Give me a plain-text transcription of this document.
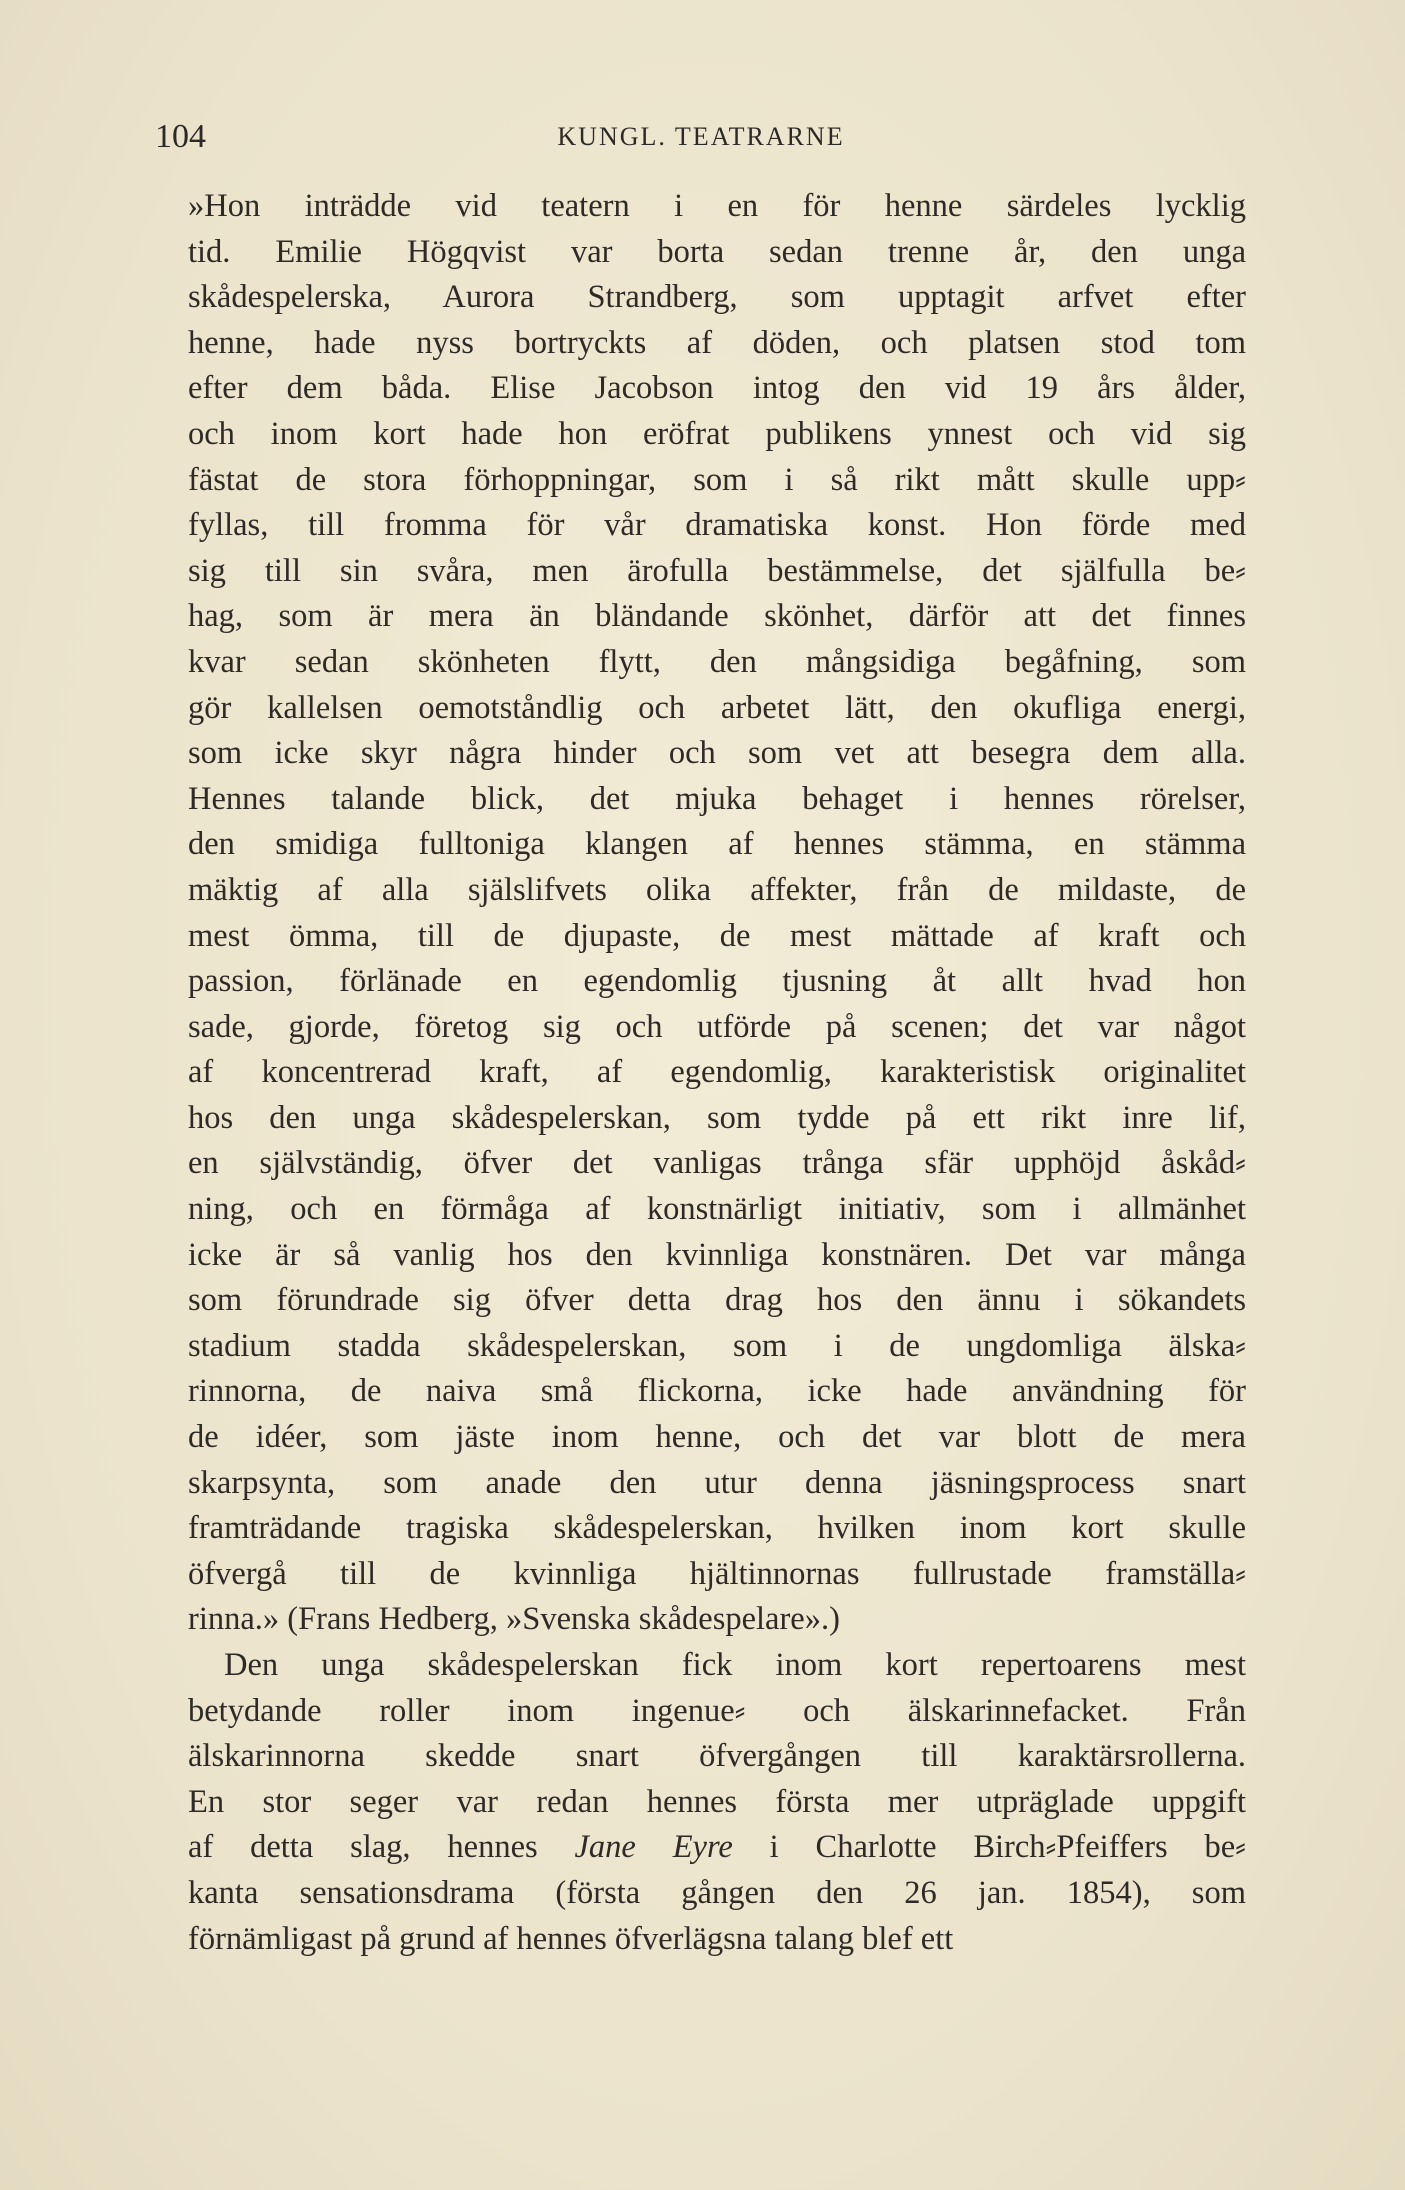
104	KUNGL. TEATRARNE
»Hon inträdde vid teatern i en för henne särdeles lycklig
tid. Emilie Högqvist var borta sedan trenne år, den unga
skådespelerska, Aurora Strandberg, som upptagit arfvet efter
henne, hade nyss bortryckts af döden, och platsen stod tom
efter dem båda. Elise Jacobson intog den vid 19 års ålder,
och inom kort hade hon eröfrat publikens ynnest och vid sig
fästat de stora förhoppningar, som i så rikt mått skulle upp⸗
fyllas, till fromma för vår dramatiska konst. Hon förde med
sig till sin svåra, men ärofulla bestämmelse, det själfulla be⸗
hag, som är mera än bländande skönhet, därför att det finnes
kvar sedan skönheten flytt, den mångsidiga begåfning, som
gör kallelsen oemotståndlig och arbetet lätt, den okufliga energi,
som icke skyr några hinder och som vet att besegra dem alla.
Hennes talande blick, det mjuka behaget i hennes rörelser,
den smidiga fulltoniga klangen af hennes stämma, en stämma
mäktig af alla själslifvets olika affekter, från de mildaste, de
mest ömma, till de djupaste, de mest mättade af kraft och
passion, förlänade en egendomlig tjusning åt allt hvad hon
sade, gjorde, företog sig och utförde på scenen; det var något
af koncentrerad kraft, af egendomlig, karakteristisk originalitet
hos den unga skådespelerskan, som tydde på ett rikt inre lif,
en självständig, öfver det vanligas trånga sfär upphöjd åskåd⸗
ning, och en förmåga af konstnärligt initiativ, som i allmänhet
icke är så vanlig hos den kvinnliga konstnären. Det var många
som förundrade sig öfver detta drag hos den ännu i sökandets
stadium stadda skådespelerskan, som i de ungdomliga älska⸗
rinnorna, de naiva små flickorna, icke hade användning för
de idéer, som jäste inom henne, och det var blott de mera
skarpsynta, som anade den utur denna jäsningsprocess snart
framträdande tragiska skådespelerskan, hvilken inom kort skulle
öfvergå till de kvinnliga hjältinnornas fullrustade framställa⸗
rinna.» (Frans Hedberg, »Svenska skådespelare».)
Den unga skådespelerskan fick inom kort repertoarens mest
betydande roller inom ingenue⸗ och älskarinnefacket. Från
älskarinnorna skedde snart öfvergången till karaktärsrollerna.
En stor seger var redan hennes första mer utpräglade uppgift
af detta slag, hennes Jane Eyre i Charlotte Birch⸗Pfeiffers be⸗
kanta sensationsdrama (första gången den 26 jan. 1854), som
förnämligast på grund af hennes öfverlägsna talang blef ett
